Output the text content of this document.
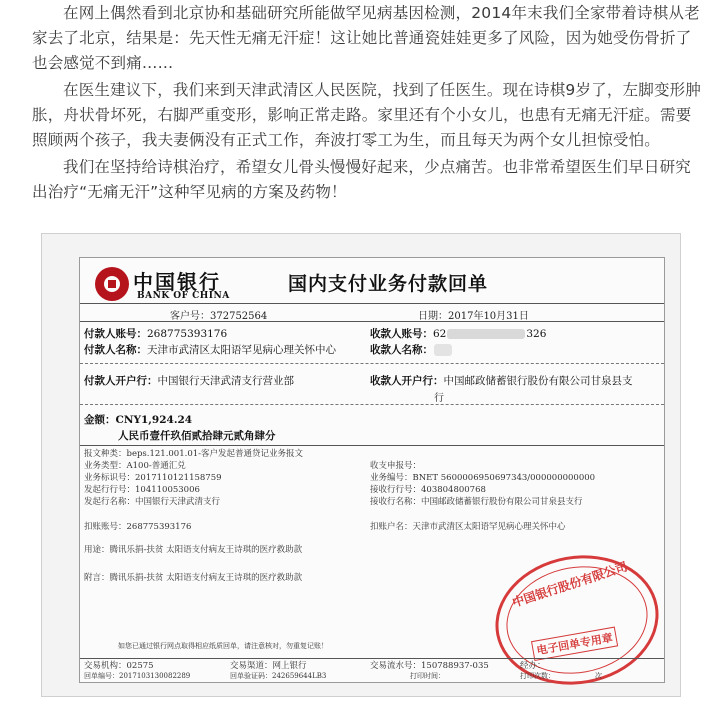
在网上偶然看到北京协和基础研究所能做罕见病基因检测，2014年末我们全家带着诗棋从老家去了北京，结果是：先天性无痛无汗症！这让她比普通瓷娃娃更多了风险，因为她受伤骨折了也会感觉不到痛……

在医生建议下，我们来到天津武清区人民医院，找到了任医生。现在诗棋9岁了，左脚变形肿胀，舟状骨坏死，右脚严重变形，影响正常走路。家里还有个小女儿，也患有无痛无汗症。需要照顾两个孩子，我夫妻俩没有正式工作，奔波打零工为生，而且每天为两个女儿担惊受怕。

我们在坚持给诗棋治疗，希望女儿骨头慢慢好起来，少点痛苦。也非常希望医生们早日研究出治疗“无痛无汗”这种罕见病的方案及药物！

中国银行
BANK OF CHINA
国内支付业务付款回单
客户号：372752564	日期：2017年10月31日
付款人账号：268775393176	收款人账号：62	326
付款人名称：天津市武清区太阳语罕见病心理关怀中心	收款人名称：
付款人开户行：中国银行天津武清支行营业部	收款人开户行：中国邮政储蓄银行股份有限公司甘泉县支
行
金额：CNY1,924.24
人民币壹仟玖佰贰拾肆元贰角肆分
报文种类：beps.121.001.01-客户发起普通贷记业务报文
业务类型：A100-普通汇兑
业务标识号：2017110121158759
发起行行号：104110053006
发起行名称：中国银行天津武清支行
收支申报号：
业务编号：BNET 5600006950697343/000000000000
接收行行号：403804800768
接收行名称：中国邮政储蓄银行股份有限公司甘泉县支行
扣账账号：268775393176	扣账户名：天津市武清区太阳语罕见病心理关怀中心
用途：腾讯乐捐-扶贫 太阳语支付病友王诗琪的医疗救助款
附言：腾讯乐捐-扶贫 太阳语支付病友王诗琪的医疗救助款
如您已通过银行网点取得相应纸质回单，请注意核对，勿重复记账！
中国银行股份有限公司
电子回单专用章
交易机构：02575	交易渠道：网上银行	交易流水号：150788937-035	经办：
回单编号：2017103130082289	回单验证码：242659644LB3	打印时间：	打印次数：	次
